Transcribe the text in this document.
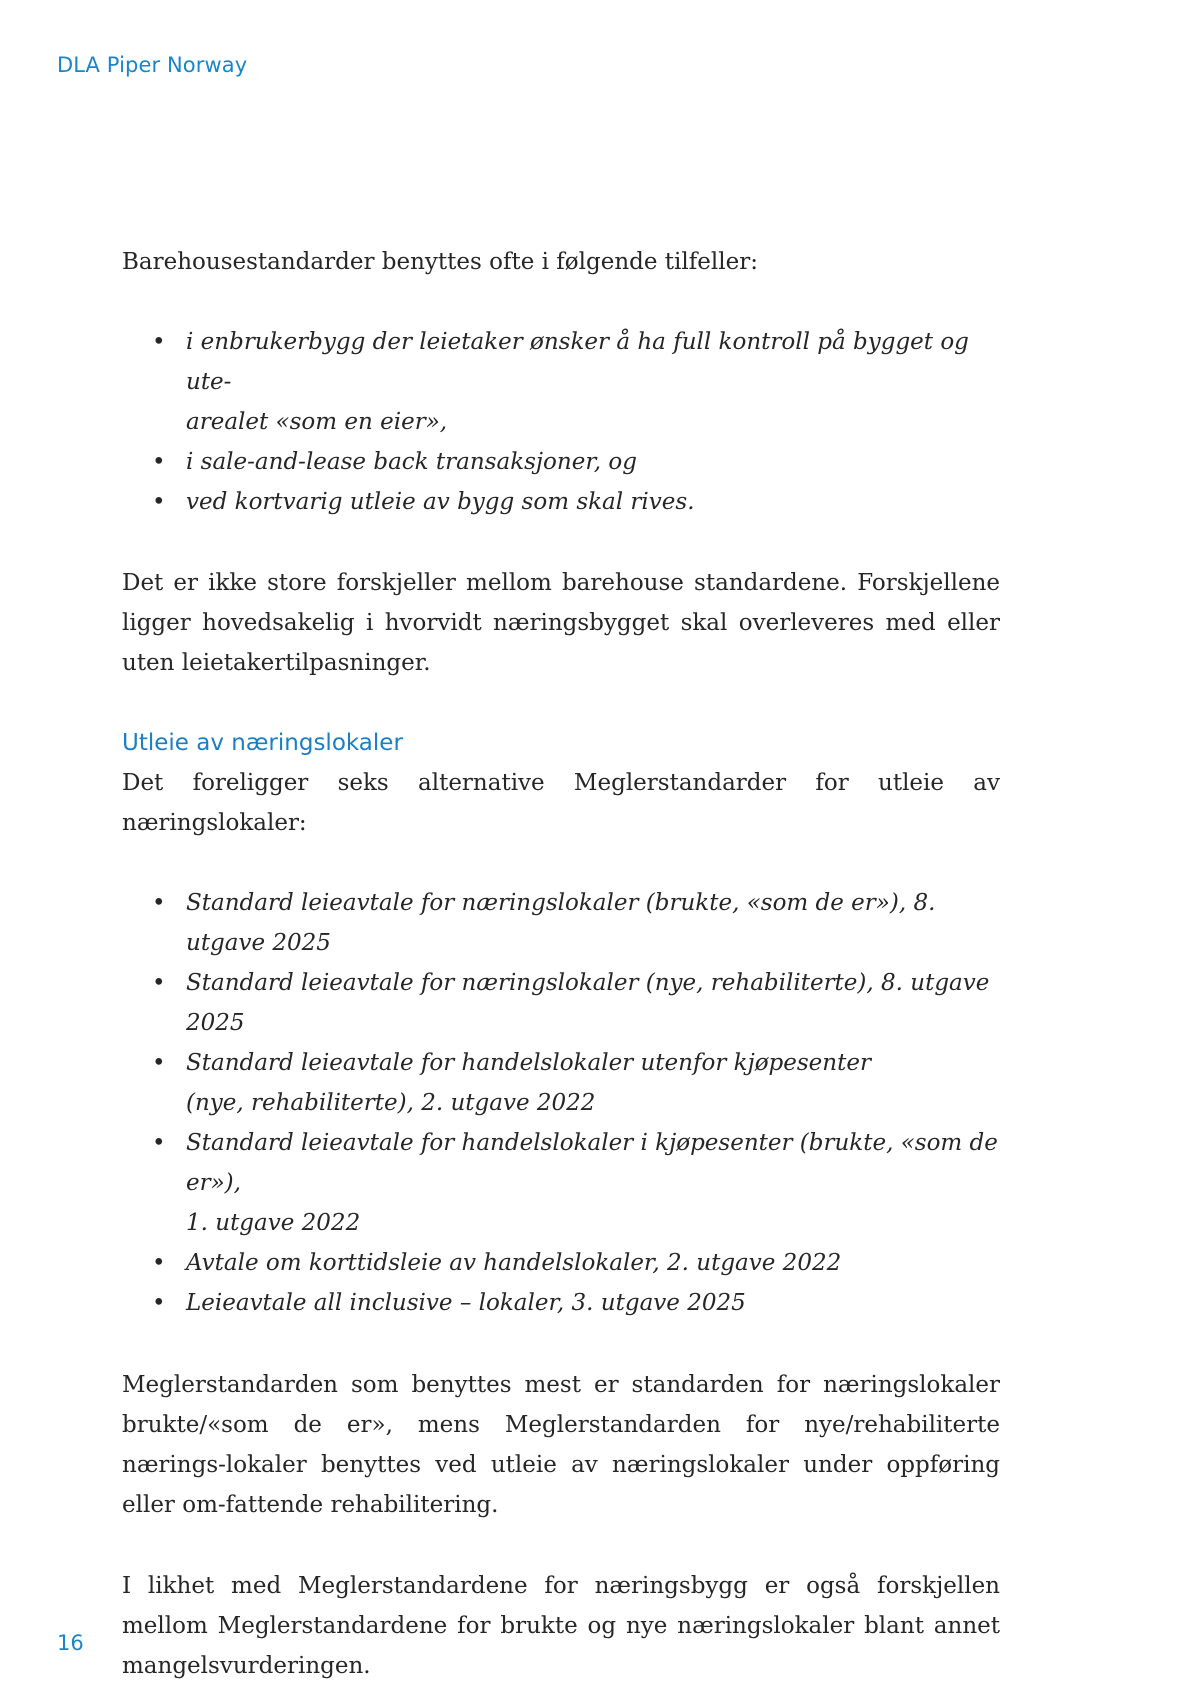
DLA Piper Norway

Barehousestandarder benyttes ofte i følgende tilfeller:

• i enbrukerbygg der leietaker ønsker å ha full kontroll på bygget og ute-
arealet «som en eier»,
• i sale-and-lease back transaksjoner, og
• ved kortvarig utleie av bygg som skal rives.

Det er ikke store forskjeller mellom barehouse standardene. Forskjellene ligger hovedsakelig i hvorvidt næringsbygget skal overleveres med eller uten leietakertilpasninger.

Utleie av næringslokaler

Det foreligger seks alternative Meglerstandarder for utleie av næringslokaler:

• Standard leieavtale for næringslokaler (brukte, «som de er»), 8. utgave 2025
• Standard leieavtale for næringslokaler (nye, rehabiliterte), 8. utgave 2025
• Standard leieavtale for handelslokaler utenfor kjøpesenter
(nye, rehabiliterte), 2. utgave 2022
• Standard leieavtale for handelslokaler i kjøpesenter (brukte, «som de er»),
1. utgave 2022
• Avtale om korttidsleie av handelslokaler, 2. utgave 2022
• Leieavtale all inclusive – lokaler, 3. utgave 2025

Meglerstandarden som benyttes mest er standarden for næringslokaler brukte/«som de er», mens Meglerstandarden for nye/rehabiliterte nærings-lokaler benyttes ved utleie av næringslokaler under oppføring eller om-fattende rehabilitering.

I likhet med Meglerstandardene for næringsbygg er også forskjellen mellom Meglerstandardene for brukte og nye næringslokaler blant annet mangelsvurderingen.

16
